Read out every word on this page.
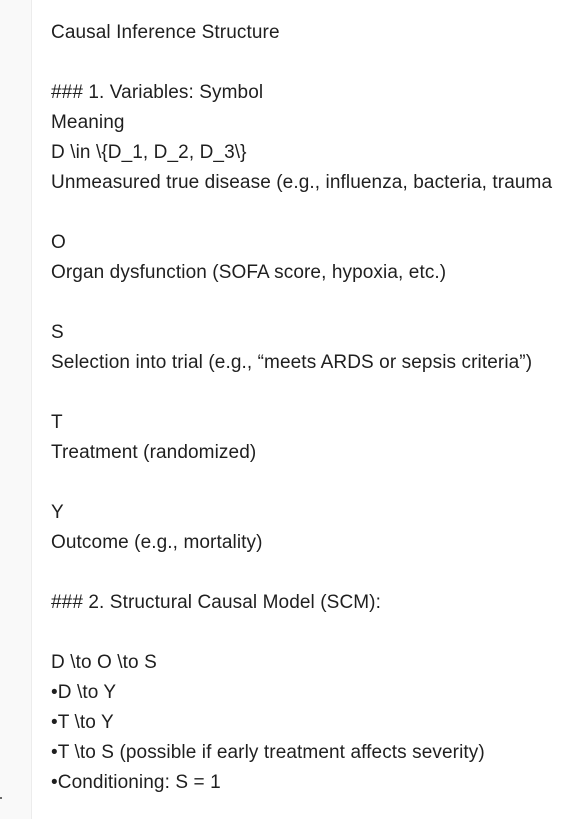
Causal Inference Structure
### 1. Variables: Symbol
Meaning
D \in \{D_1, D_2, D_3\}
Unmeasured true disease (e.g., influenza, bacteria, trauma
O
Organ dysfunction (SOFA score, hypoxia, etc.)
S
Selection into trial (e.g., “meets ARDS or sepsis criteria”)
T
Treatment (randomized)
Y
Outcome (e.g., mortality)
### 2. Structural Causal Model (SCM):
D \to O \to S
•D \to Y
•T \to Y
•T \to S (possible if early treatment affects severity)
•Conditioning: S = 1
